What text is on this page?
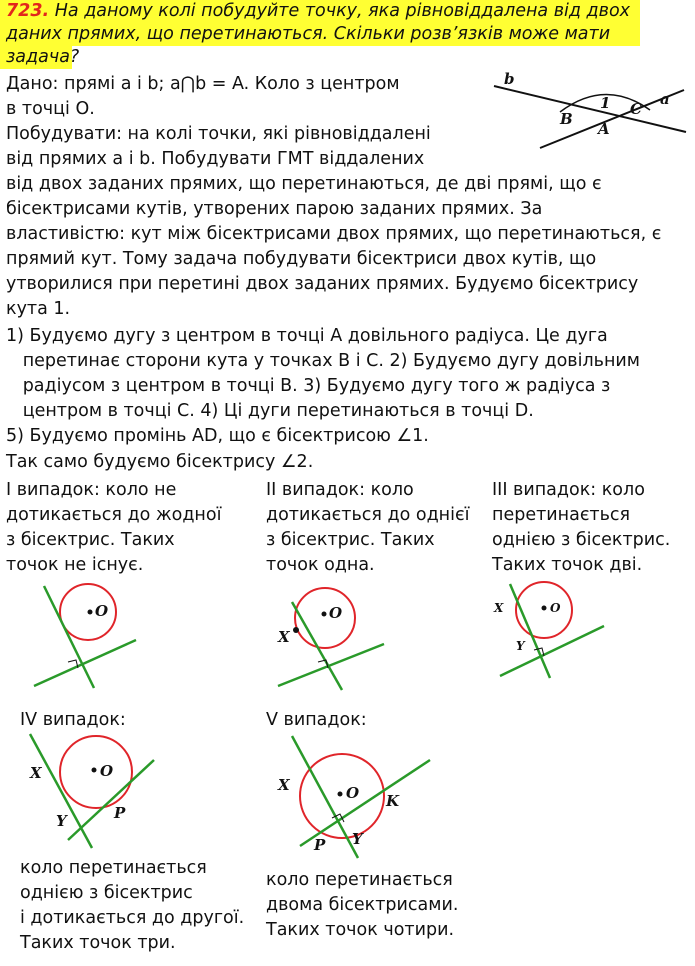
723. На даному колі побудуйте точку, яка рівновіддалена від двох
даних прямих, що перетинаються. Скільки розв’язків може мати
задача?
b
a
B
1 C
A

Дано: прямі a і b; a⋂b = A. Коло з центром

в точці О.

Побудувати: на колі точки, які рівновіддалені

від прямих a і b. Побудувати ГМТ віддалених

від двох заданих прямих, що перетинаються, де дві прямі, що є

бісектрисами кутів, утворених парою заданих прямих. За

властивістю: кут між бісектрисами двох прямих, що перетинаються, є

прямий кут. Тому задача побудувати бісектриси двох кутів, що

утворилися при перетині двох заданих прямих. Будуємо бісектрису

кута 1.

1) Будуємо дугу з центром в точці А довільного радіуса. Це дуга

перетинає сторони кута у точках В і С. 2) Будуємо дугу довільним

радіусом з центром в точці В. 3) Будуємо дугу того ж радіуса з

центром в точці С. 4) Ці дуги перетинаються в точці D.

5) Будуємо промінь АD, що є бісектрисою ∠1.

Так само будуємо бісектрису ∠2.

І випадок: коло не

дотикається до жодної

з бісектрис. Таких

точок не існує.

ІІ випадок: коло

дотикається до однієї

з бісектрис. Таких

точок одна.

ІІІ випадок: коло

перетинається

однією з бісектрис.

Таких точок дві.

O	O
X
O
X
Y

IV випадок:

X	O
Y	P

V випадок:

X	O K
P Y

коло перетинається

однією з бісектрис

і дотикається до другої.

Таких точок три.

коло перетинається

двома бісектрисами.

Таких точок чотири.
